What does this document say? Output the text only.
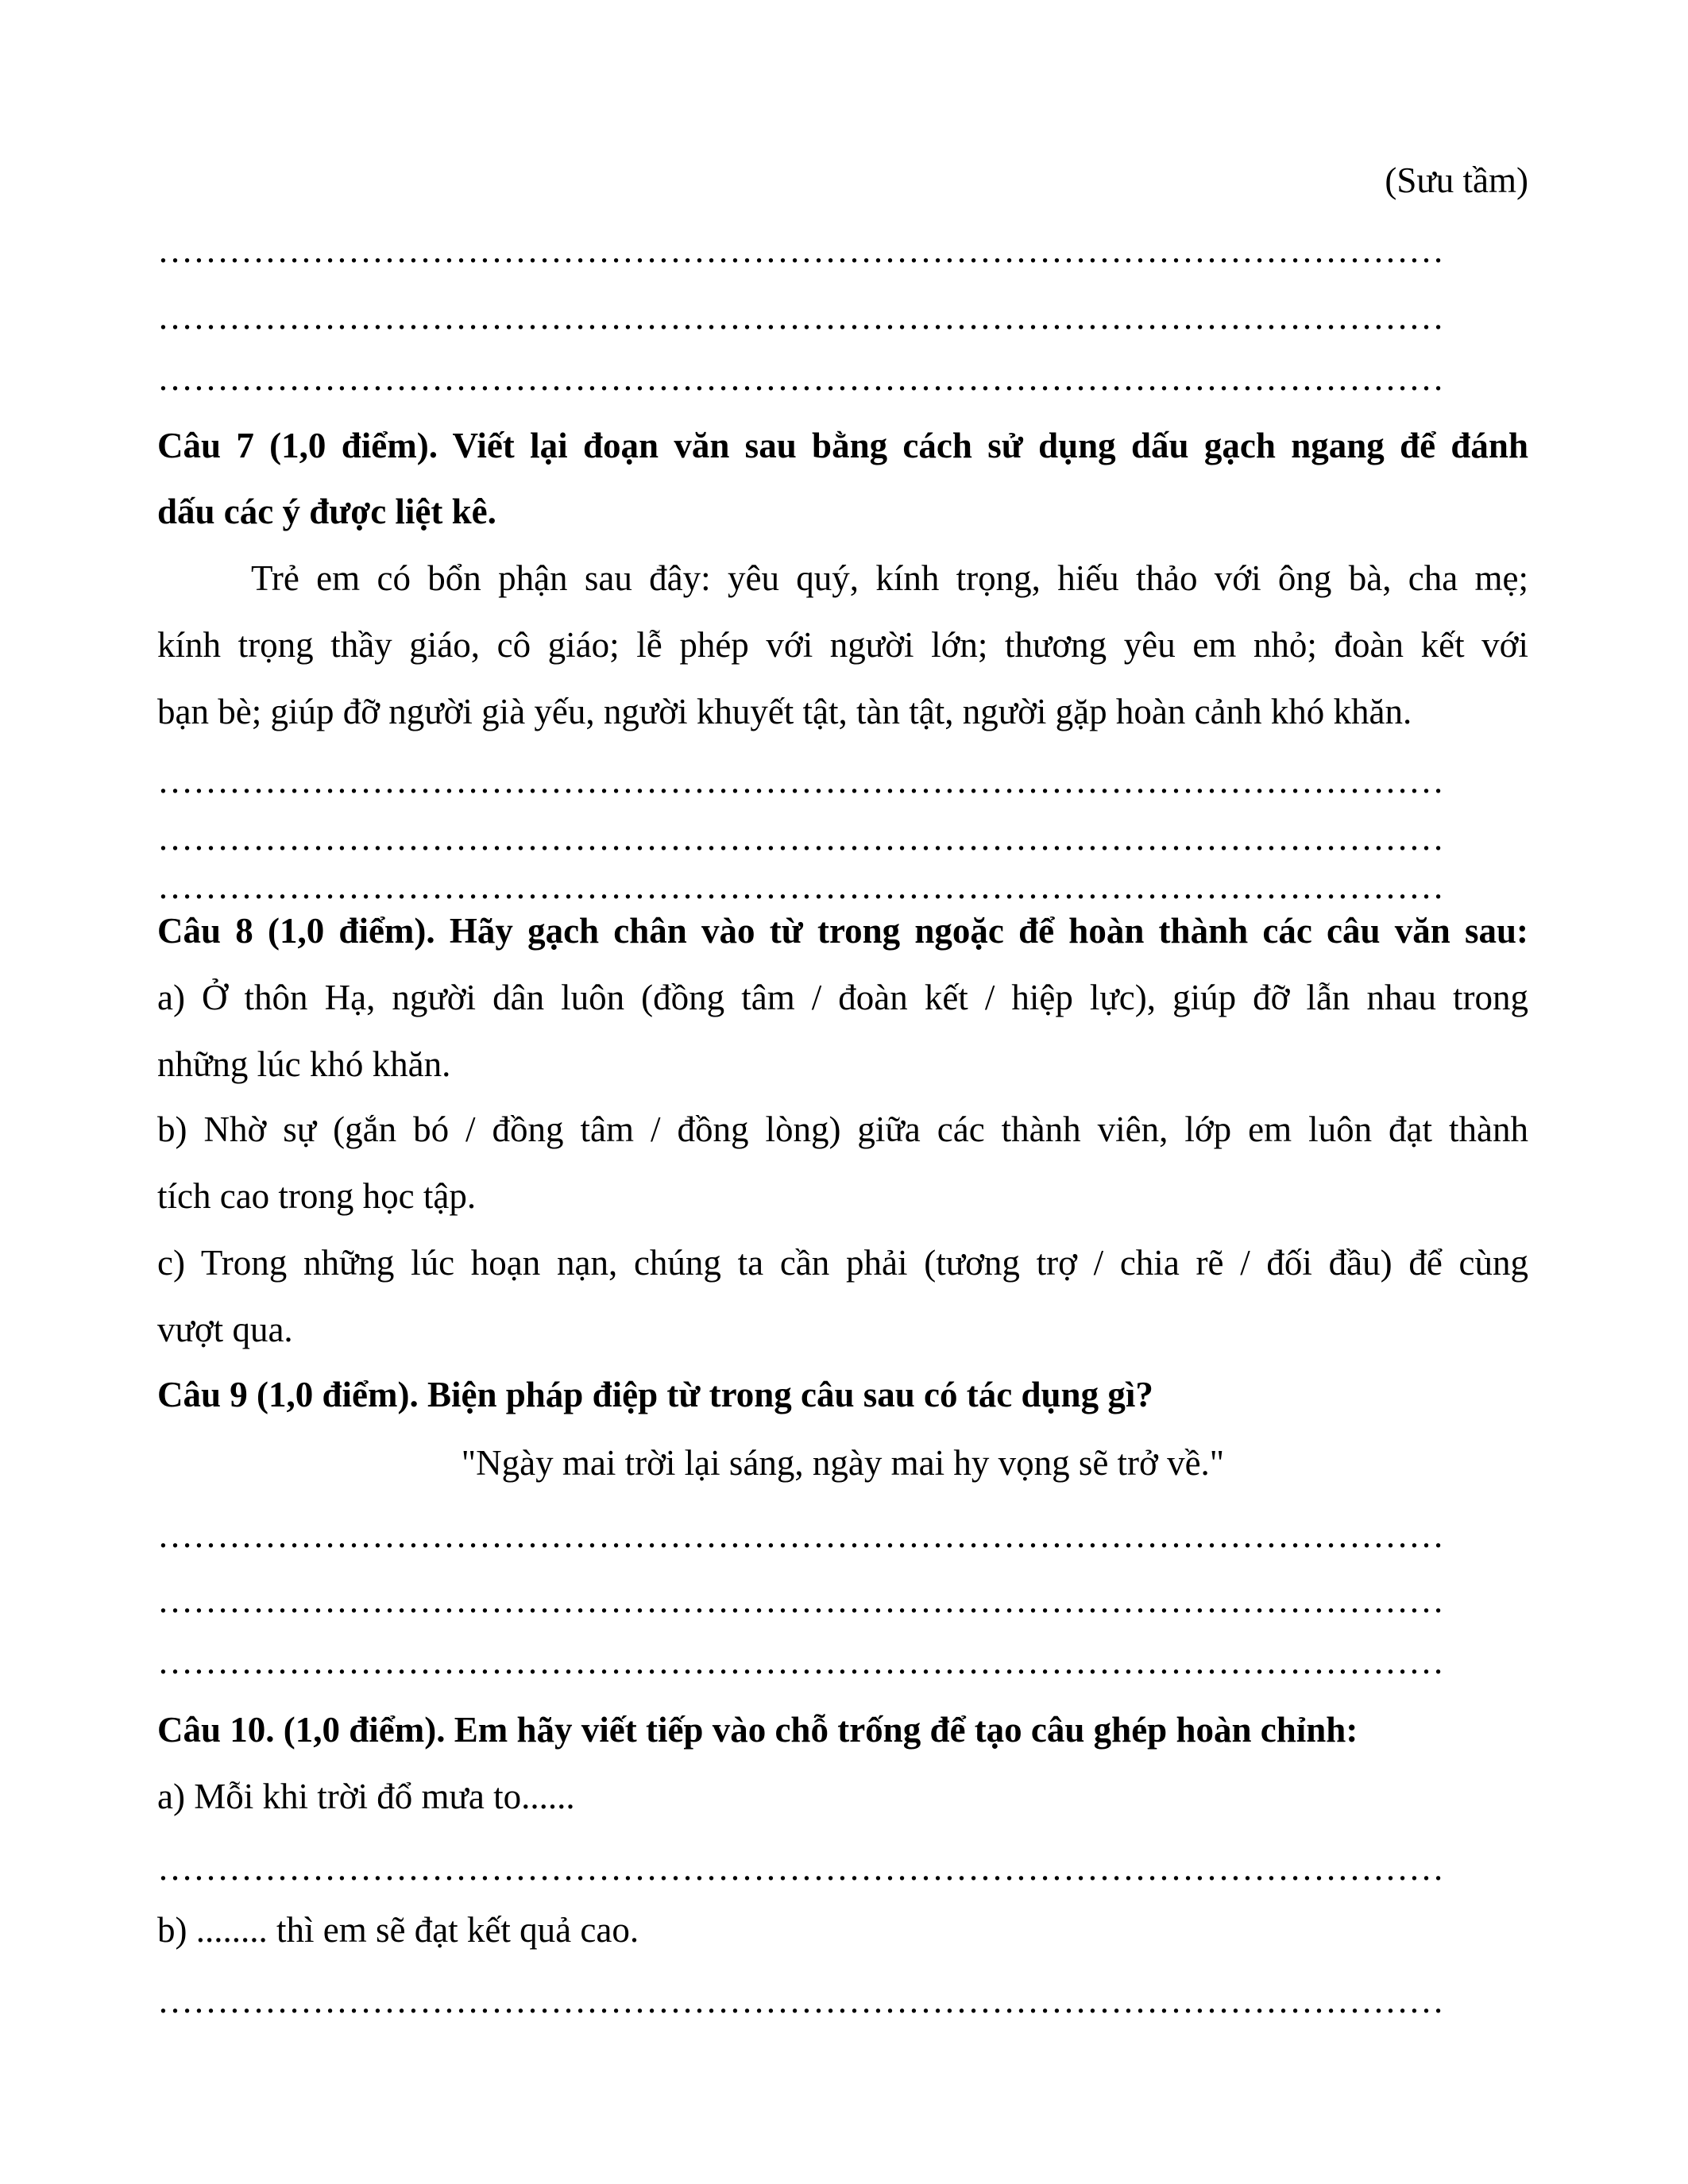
(Sưu tầm)
………………………………………………………………………………………………
………………………………………………………………………………………………
………………………………………………………………………………………………
Câu 7 (1,0 điểm). Viết lại đoạn văn sau bằng cách sử dụng dấu gạch ngang để đánh
dấu các ý được liệt kê.
Trẻ em có bổn phận sau đây: yêu quý, kính trọng, hiếu thảo với ông bà, cha mẹ;
kính trọng thầy giáo, cô giáo; lễ phép với người lớn; thương yêu em nhỏ; đoàn kết với
bạn bè; giúp đỡ người già yếu, người khuyết tật, tàn tật, người gặp hoàn cảnh khó khăn.
………………………………………………………………………………………………
………………………………………………………………………………………………
………………………………………………………………………………………………
Câu 8 (1,0 điểm). Hãy gạch chân vào từ trong ngoặc để hoàn thành các câu văn sau:
a) Ở thôn Hạ, người dân luôn (đồng tâm / đoàn kết / hiệp lực), giúp đỡ lẫn nhau trong
những lúc khó khăn.
b) Nhờ sự (gắn bó / đồng tâm / đồng lòng) giữa các thành viên, lớp em luôn đạt thành
tích cao trong học tập.
c) Trong những lúc hoạn nạn, chúng ta cần phải (tương trợ / chia rẽ / đối đầu) để cùng
vượt qua.
Câu 9 (1,0 điểm). Biện pháp điệp từ trong câu sau có tác dụng gì?
"Ngày mai trời lại sáng, ngày mai hy vọng sẽ trở về."
………………………………………………………………………………………………
………………………………………………………………………………………………
………………………………………………………………………………………………
Câu 10. (1,0 điểm). Em hãy viết tiếp vào chỗ trống để tạo câu ghép hoàn chỉnh:
a) Mỗi khi trời đổ mưa to......
………………………………………………………………………………………………
b) ........ thì em sẽ đạt kết quả cao.
………………………………………………………………………………………………
